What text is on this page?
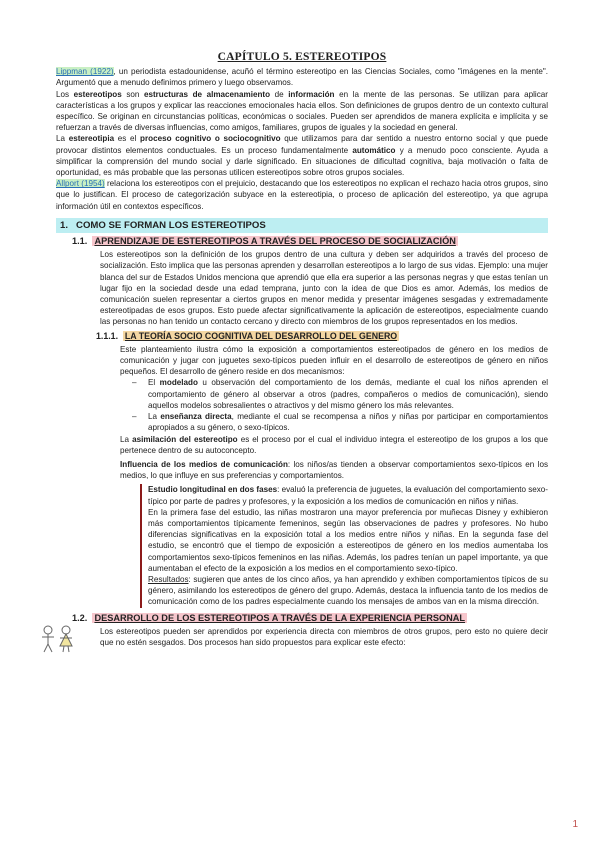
CAPÍTULO 5. ESTEREOTIPOS

Lippman (1922), un periodista estadounidense, acuñó el término estereotipo en las Ciencias Sociales, como "imágenes en la mente". Argumentó que a menudo definimos primero y luego observamos.

Los estereotipos son estructuras de almacenamiento de información en la mente de las personas. Se utilizan para aplicar características a los grupos y explicar las reacciones emocionales hacia ellos. Son definiciones de grupos dentro de un contexto cultural específico. Se originan en circunstancias políticas, económicas o sociales. Pueden ser aprendidos de manera explícita e implícita y se refuerzan a través de diversas influencias, como amigos, familiares, grupos de iguales y la sociedad en general.

La estereotipia es el proceso cognitivo o sociocognitivo que utilizamos para dar sentido a nuestro entorno social y que puede provocar distintos elementos conductuales. Es un proceso fundamentalmente automático y a menudo poco consciente. Ayuda a simplificar la comprensión del mundo social y darle significado. En situaciones de dificultad cognitiva, baja motivación o falta de oportunidad, es más probable que las personas utilicen estereotipos sobre otros grupos sociales.

Allport (1954) relaciona los estereotipos con el prejuicio, destacando que los estereotipos no explican el rechazo hacia otros grupos, sino que lo justifican. El proceso de categorización subyace en la estereotipia, o proceso de aplicación del estereotipo, ya que agrupa información útil en contextos específicos.

1. COMO SE FORMAN LOS ESTEREOTIPOS
1.1. APRENDIZAJE DE ESTEREOTIPOS A TRAVÉS DEL PROCESO DE SOCIALIZACIÓN

Los estereotipos son la definición de los grupos dentro de una cultura y deben ser adquiridos a través del proceso de socialización. Esto implica que las personas aprenden y desarrollan estereotipos a lo largo de sus vidas. Ejemplo: una mujer blanca del sur de Estados Unidos menciona que aprendió que ella era superior a las personas negras y que estas tenían un lugar fijo en la sociedad desde una edad temprana, junto con la idea de que Dios es amor. Además, los medios de comunicación suelen representar a ciertos grupos en menor medida y presentar imágenes sesgadas y extremadamente estereotipadas de esos grupos. Esto puede afectar significativamente la aplicación de estereotipos, especialmente cuando las personas no han tenido un contacto cercano y directo con miembros de los grupos representados en los medios.

1.1.1. LA TEORÍA SOCIO COGNITIVA DEL DESARROLLO DEL GENERO

Este planteamiento ilustra cómo la exposición a comportamientos estereotipados de género en los medios de comunicación y jugar con juguetes sexo-típicos pueden influir en el desarrollo de estereotipos de género en niños pequeños. El desarrollo de género reside en dos mecanismos:

– El modelado u observación del comportamiento de los demás, mediante el cual los niños aprenden el comportamiento de género al observar a otros (padres, compañeros o medios de comunicación), siendo aquellos modelos sobresalientes o atractivos y del mismo género los más relevantes.

– La enseñanza directa, mediante el cual se recompensa a niños y niñas por participar en comportamientos apropiados a su género, o sexo-típicos.

La asimilación del estereotipo es el proceso por el cual el individuo integra el estereotipo de los grupos a los que pertenece dentro de su autoconcepto.

Influencia de los medios de comunicación: los niños/as tienden a observar comportamientos sexo-típicos en los medios, lo que influye en sus preferencias y comportamientos.

Estudio longitudinal en dos fases: evaluó la preferencia de juguetes, la evaluación del comportamiento sexo-típico por parte de padres y profesores, y la exposición a los medios de comunicación en niños y niñas.

En la primera fase del estudio, las niñas mostraron una mayor preferencia por muñecas Disney y exhibieron más comportamientos típicamente femeninos, según las observaciones de padres y profesores. No hubo diferencias significativas en la exposición total a los medios entre niños y niñas. En la segunda fase del estudio, se encontró que el tiempo de exposición a estereotipos de género en los medios aumentaba los comportamientos sexo-típicos femeninos en las niñas. Además, los padres tenían un papel importante, ya que aumentaban el efecto de la exposición a los medios en el comportamiento sexo-típico.

Resultados: sugieren que antes de los cinco años, ya han aprendido y exhiben comportamientos típicos de su género, asimilando los estereotipos de género del grupo. Además, destaca la influencia tanto de los medios de comunicación como de los padres especialmente cuando los mensajes de ambos van en la misma dirección.

1.2. DESARROLLO DE LOS ESTEREOTIPOS A TRAVÉS DE LA EXPERIENCIA PERSONAL

Los estereotipos pueden ser aprendidos por experiencia directa con miembros de otros grupos, pero esto no quiere decir que no estén sesgados. Dos procesos han sido propuestos para explicar este efecto:

1
